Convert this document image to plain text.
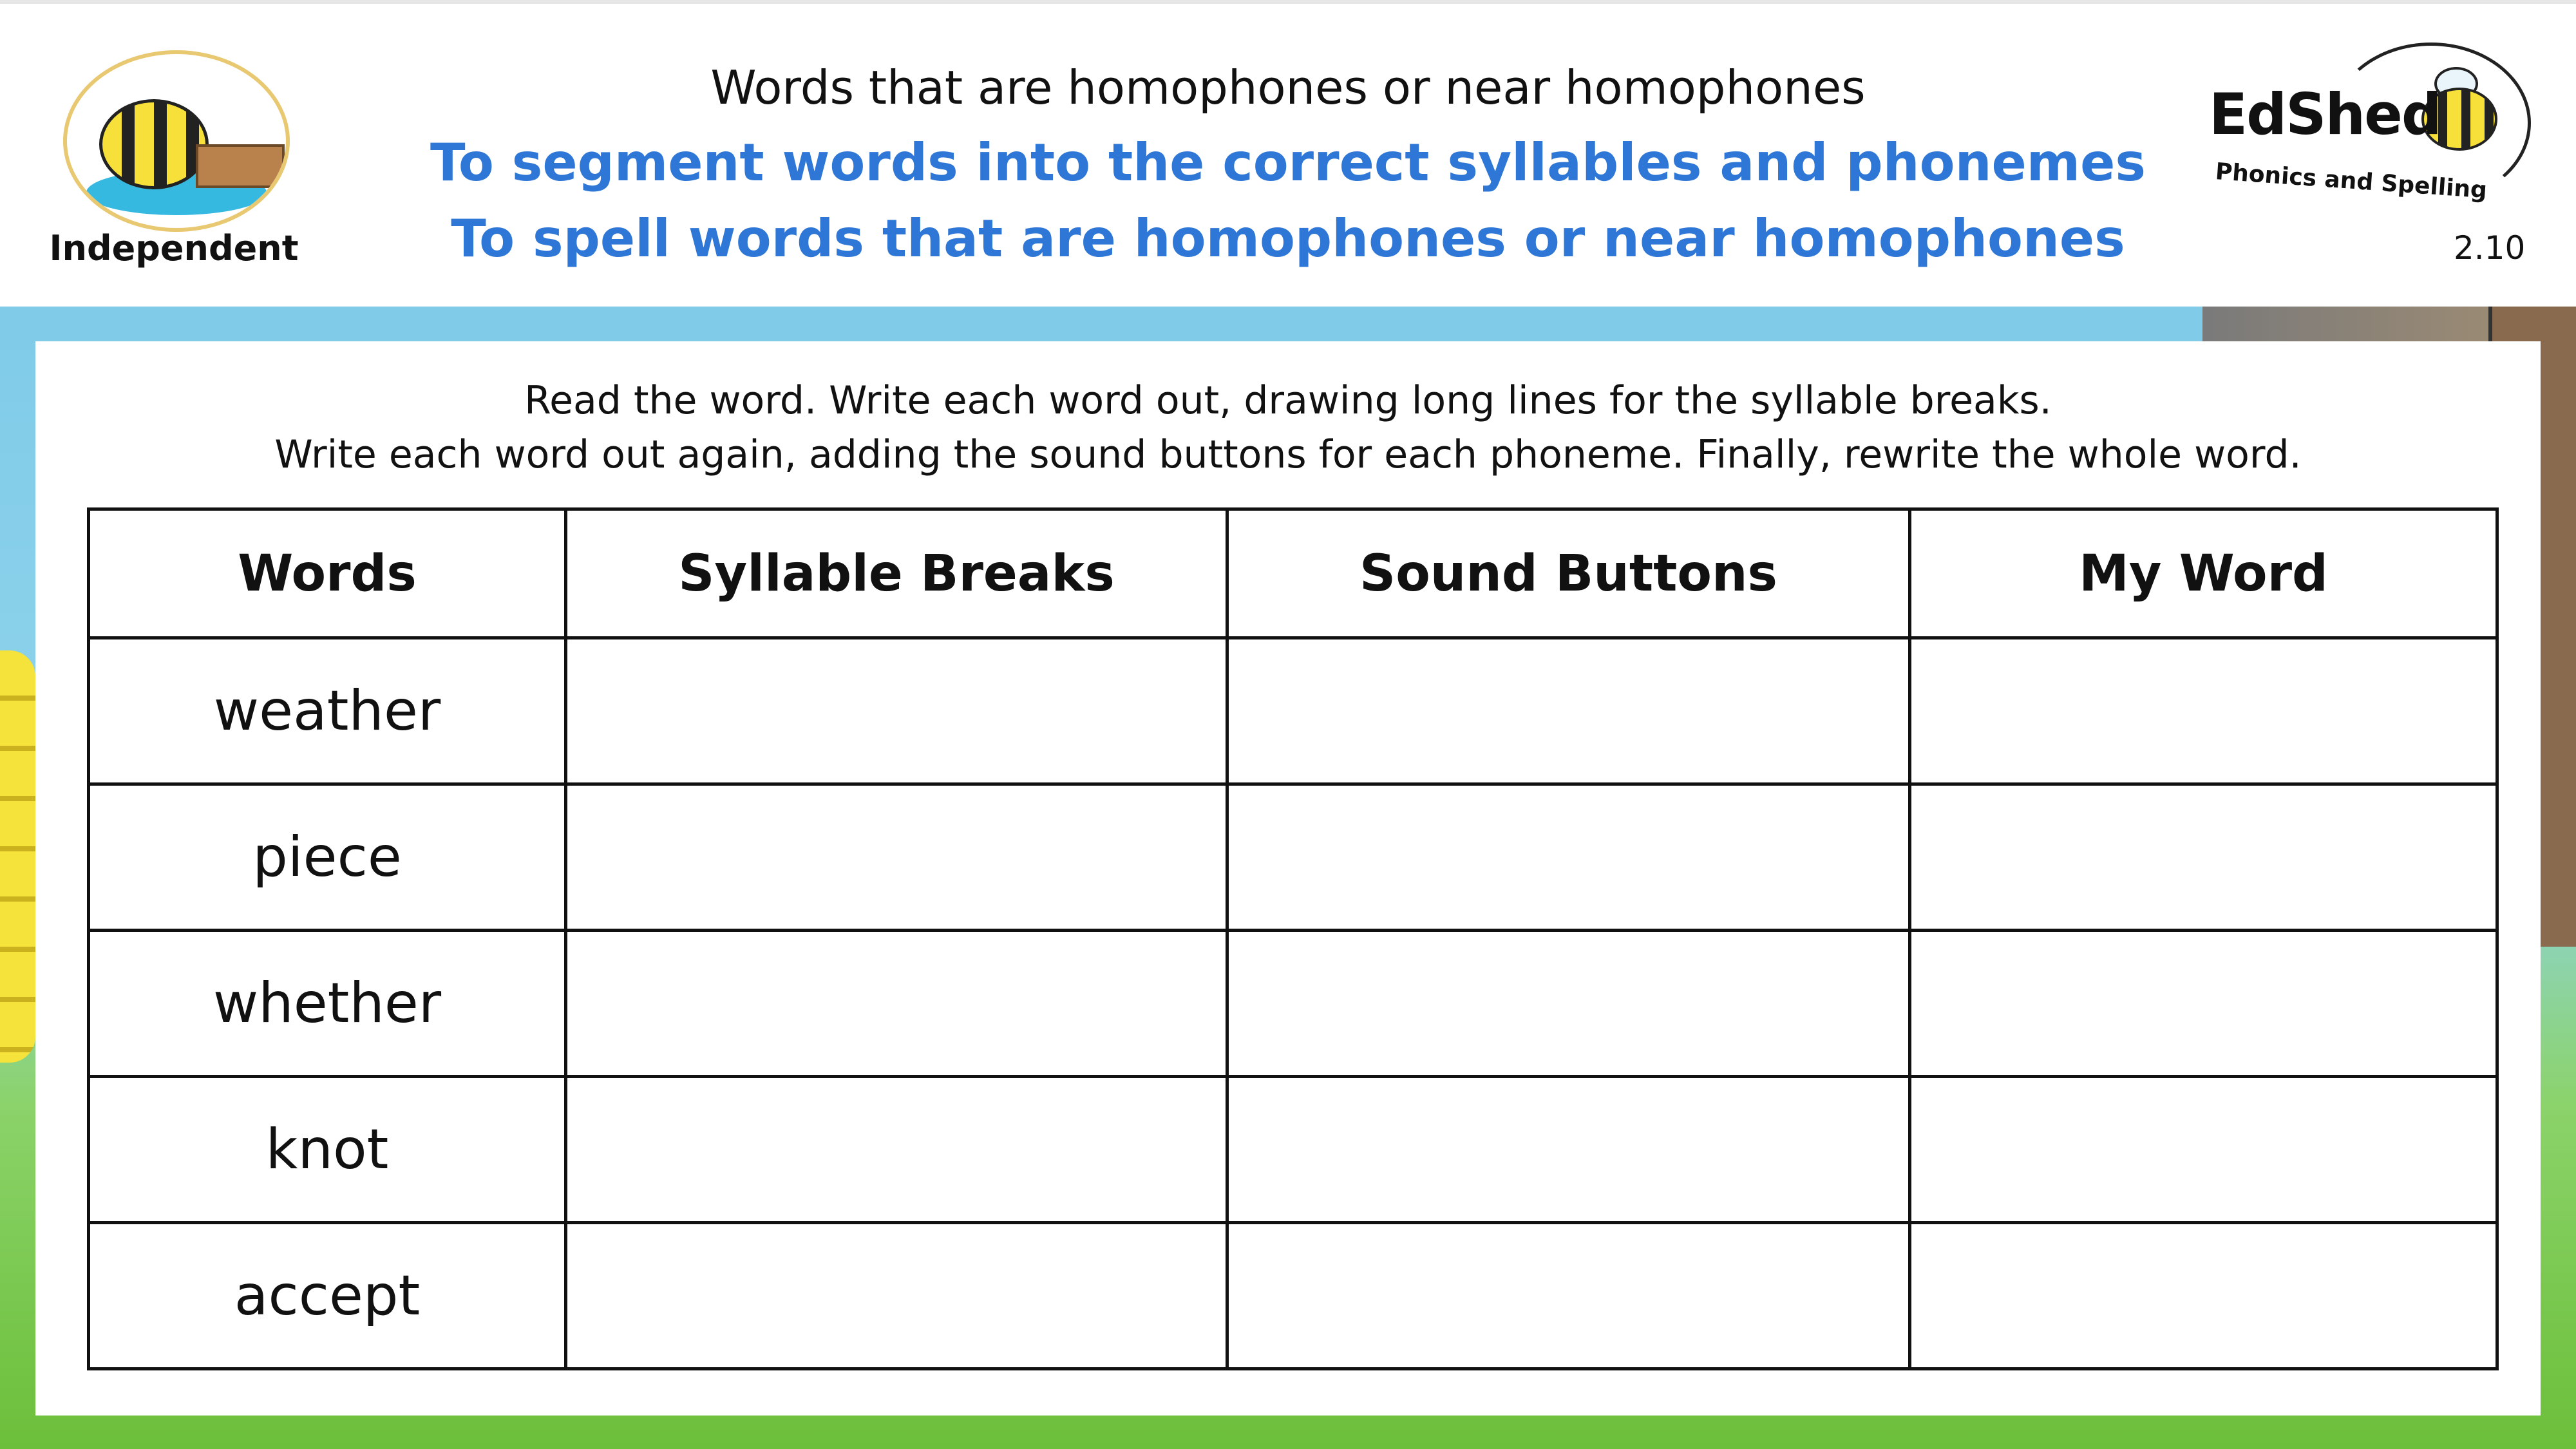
Independent
Words that are homophones or near homophones
To segment words into the correct syllables and phonemes
To spell words that are homophones or near homophones
EdShed
Phonics and Spelling
2.10
Read the word. Write each word out, drawing long lines for the syllable breaks.
Write each word out again, adding the sound buttons for each phoneme. Finally, rewrite the whole word.
Words	Syllable Breaks	Sound Buttons	My Word
weather			
piece			
whether			
knot			
accept			
